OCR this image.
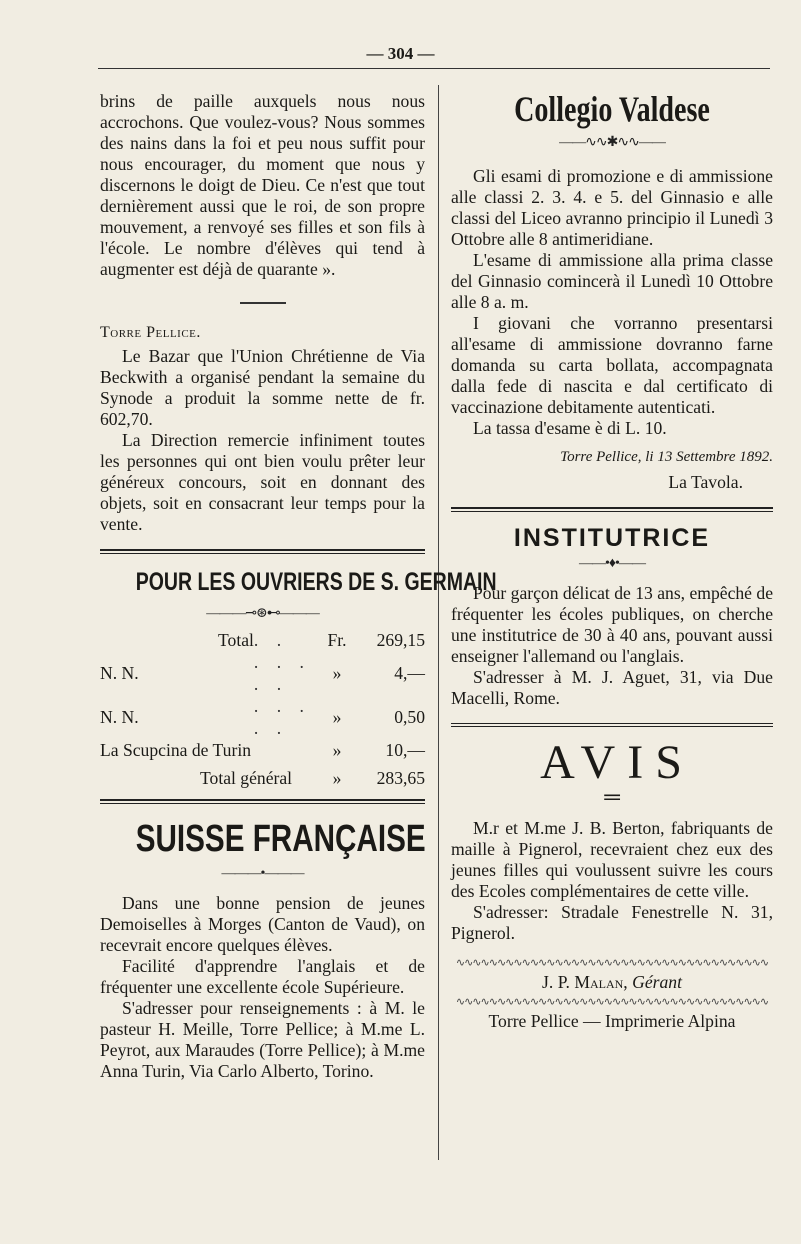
— 304 —

brins de paille auxquels nous nous accrochons. Que voulez-vous? Nous sommes des nains dans la foi et peu nous suffit pour nous encourager, du moment que nous y discernons le doigt de Dieu. Ce n'est que tout dernièrement aussi que le roi, de son propre mouvement, a renvoyé ses filles et son fils à l'école. Le nombre d'élèves qui tend à augmenter est déjà de quarante ».

Torre Pellice.

Le Bazar que l'Union Chrétienne de Via Beckwith a organisé pendant la semaine du Synode a produit la somme nette de fr. 602,70.

La Direction remercie infiniment toutes les personnes qui ont bien voulu prêter leur généreux concours, soit en donnant des objets, soit en consacrant leur temps pour la vente.

POUR LES OUVRIERS DE S. GERMAIN
———⊸⊛⊷———
Total	. .	Fr.	269,15
N. N.	. . . . .	»	4,—
N. N.	. . . . .	»	0,50
La Scupcina de Turin		»	10,—
Total général		»	283,65
SUISSE FRANÇAISE
———•———

Dans une bonne pension de jeunes Demoiselles à Morges (Canton de Vaud), on recevrait encore quelques élèves.

Facilité d'apprendre l'anglais et de fréquenter une excellente école Supérieure.

S'adresser pour renseignements : à M. le pasteur H. Meille, Torre Pellice; à M.me L. Peyrot, aux Maraudes (Torre Pellice); à M.me Anna Turin, Via Carlo Alberto, Torino.

Collegio Valdese
——∿∿✱∿∿——

Gli esami di promozione e di ammissione alle classi 2. 3. 4. e 5. del Ginnasio e alle classi del Liceo avranno principio il Lunedì 3 Ottobre alle 8 antimeridiane.

L'esame di ammissione alla prima classe del Ginnasio comincerà il Lunedì 10 Ottobre alle 8 a. m.

I giovani che vorranno presentarsi all'esame di ammissione dovranno farne domanda su carta bollata, accompagnata dalla fede di nascita e dal certificato di vaccinazione debitamente autenticati.

La tassa d'esame è di L. 10.

Torre Pellice, li 13 Settembre 1892.

La Tavola.

INSTITUTRICE
——•♦•——

Pour garçon délicat de 13 ans, empêché de fréquenter les écoles publiques, on cherche une institutrice de 30 à 40 ans, pouvant aussi enseigner l'allemand ou l'anglais.

S'adresser à M. J. Aguet, 31, via Due Macelli, Rome.

AVIS
═

M.r et M.me J. B. Berton, fabriquants de maille à Pignerol, recevraient chez eux des jeunes filles qui voulussent suivre les cours des Ecoles complémentaires de cette ville.

S'adresser: Stradale Fenestrelle N. 31, Pignerol.

∿∿∿∿∿∿∿∿∿∿∿∿∿∿∿∿∿∿∿∿∿∿∿∿∿∿∿∿∿∿∿∿∿∿∿∿∿∿

J. P. Malan, Gérant

∿∿∿∿∿∿∿∿∿∿∿∿∿∿∿∿∿∿∿∿∿∿∿∿∿∿∿∿∿∿∿∿∿∿∿∿∿∿

Torre Pellice — Imprimerie Alpina
